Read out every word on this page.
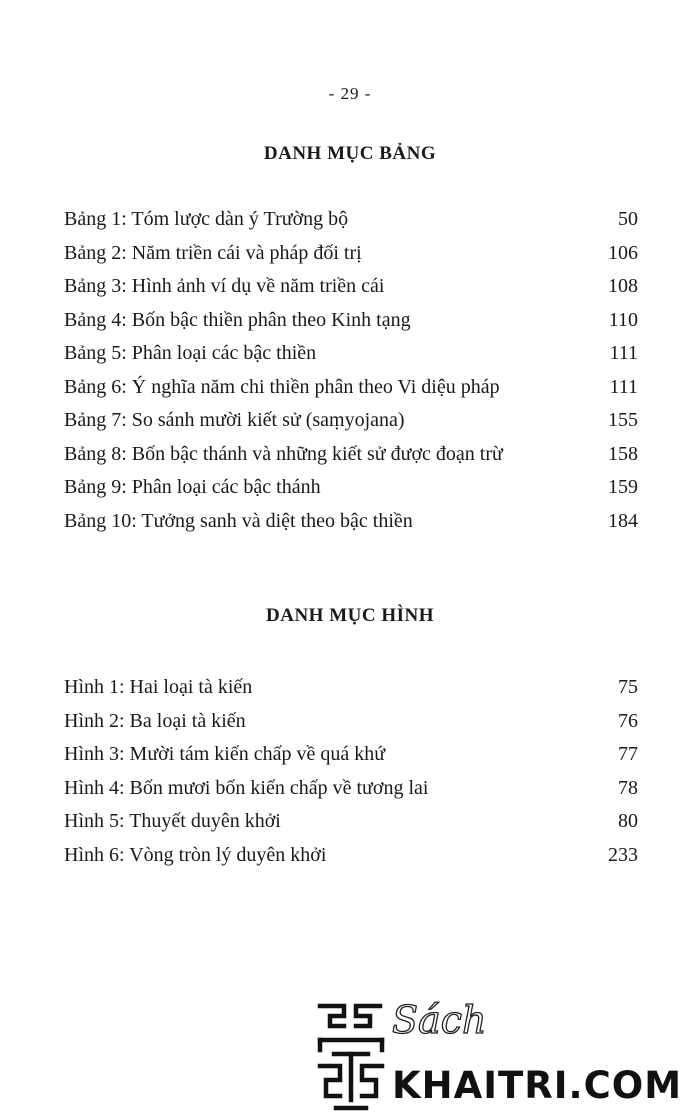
- 29 -
DANH MỤC BẢNG
Bảng 1: Tóm lược dàn ý Trường bộ	50
Bảng 2: Năm triền cái và pháp đối trị	106
Bảng 3: Hình ảnh ví dụ về năm triền cái	108
Bảng 4: Bốn bậc thiền phân theo Kinh tạng	110
Bảng 5: Phân loại các bậc thiền	111
Bảng 6: Ý nghĩa năm chi thiền phân theo Vi diệu pháp	111
Bảng 7: So sánh mười kiết sử (saṃyojana)	155
Bảng 8: Bốn bậc thánh và những kiết sử được đoạn trừ	158
Bảng 9: Phân loại các bậc thánh	159
Bảng 10: Tưởng sanh và diệt theo bậc thiền	184
DANH MỤC HÌNH
Hình 1: Hai loại tà kiến	75
Hình 2: Ba loại tà kiến	76
Hình 3: Mười tám kiến chấp về quá khứ	77
Hình 4: Bốn mươi bốn kiến chấp về tương lai	78
Hình 5: Thuyết duyên khởi	80
Hình 6: Vòng tròn lý duyên khởi	233
Sách
KHAITRI.COM
